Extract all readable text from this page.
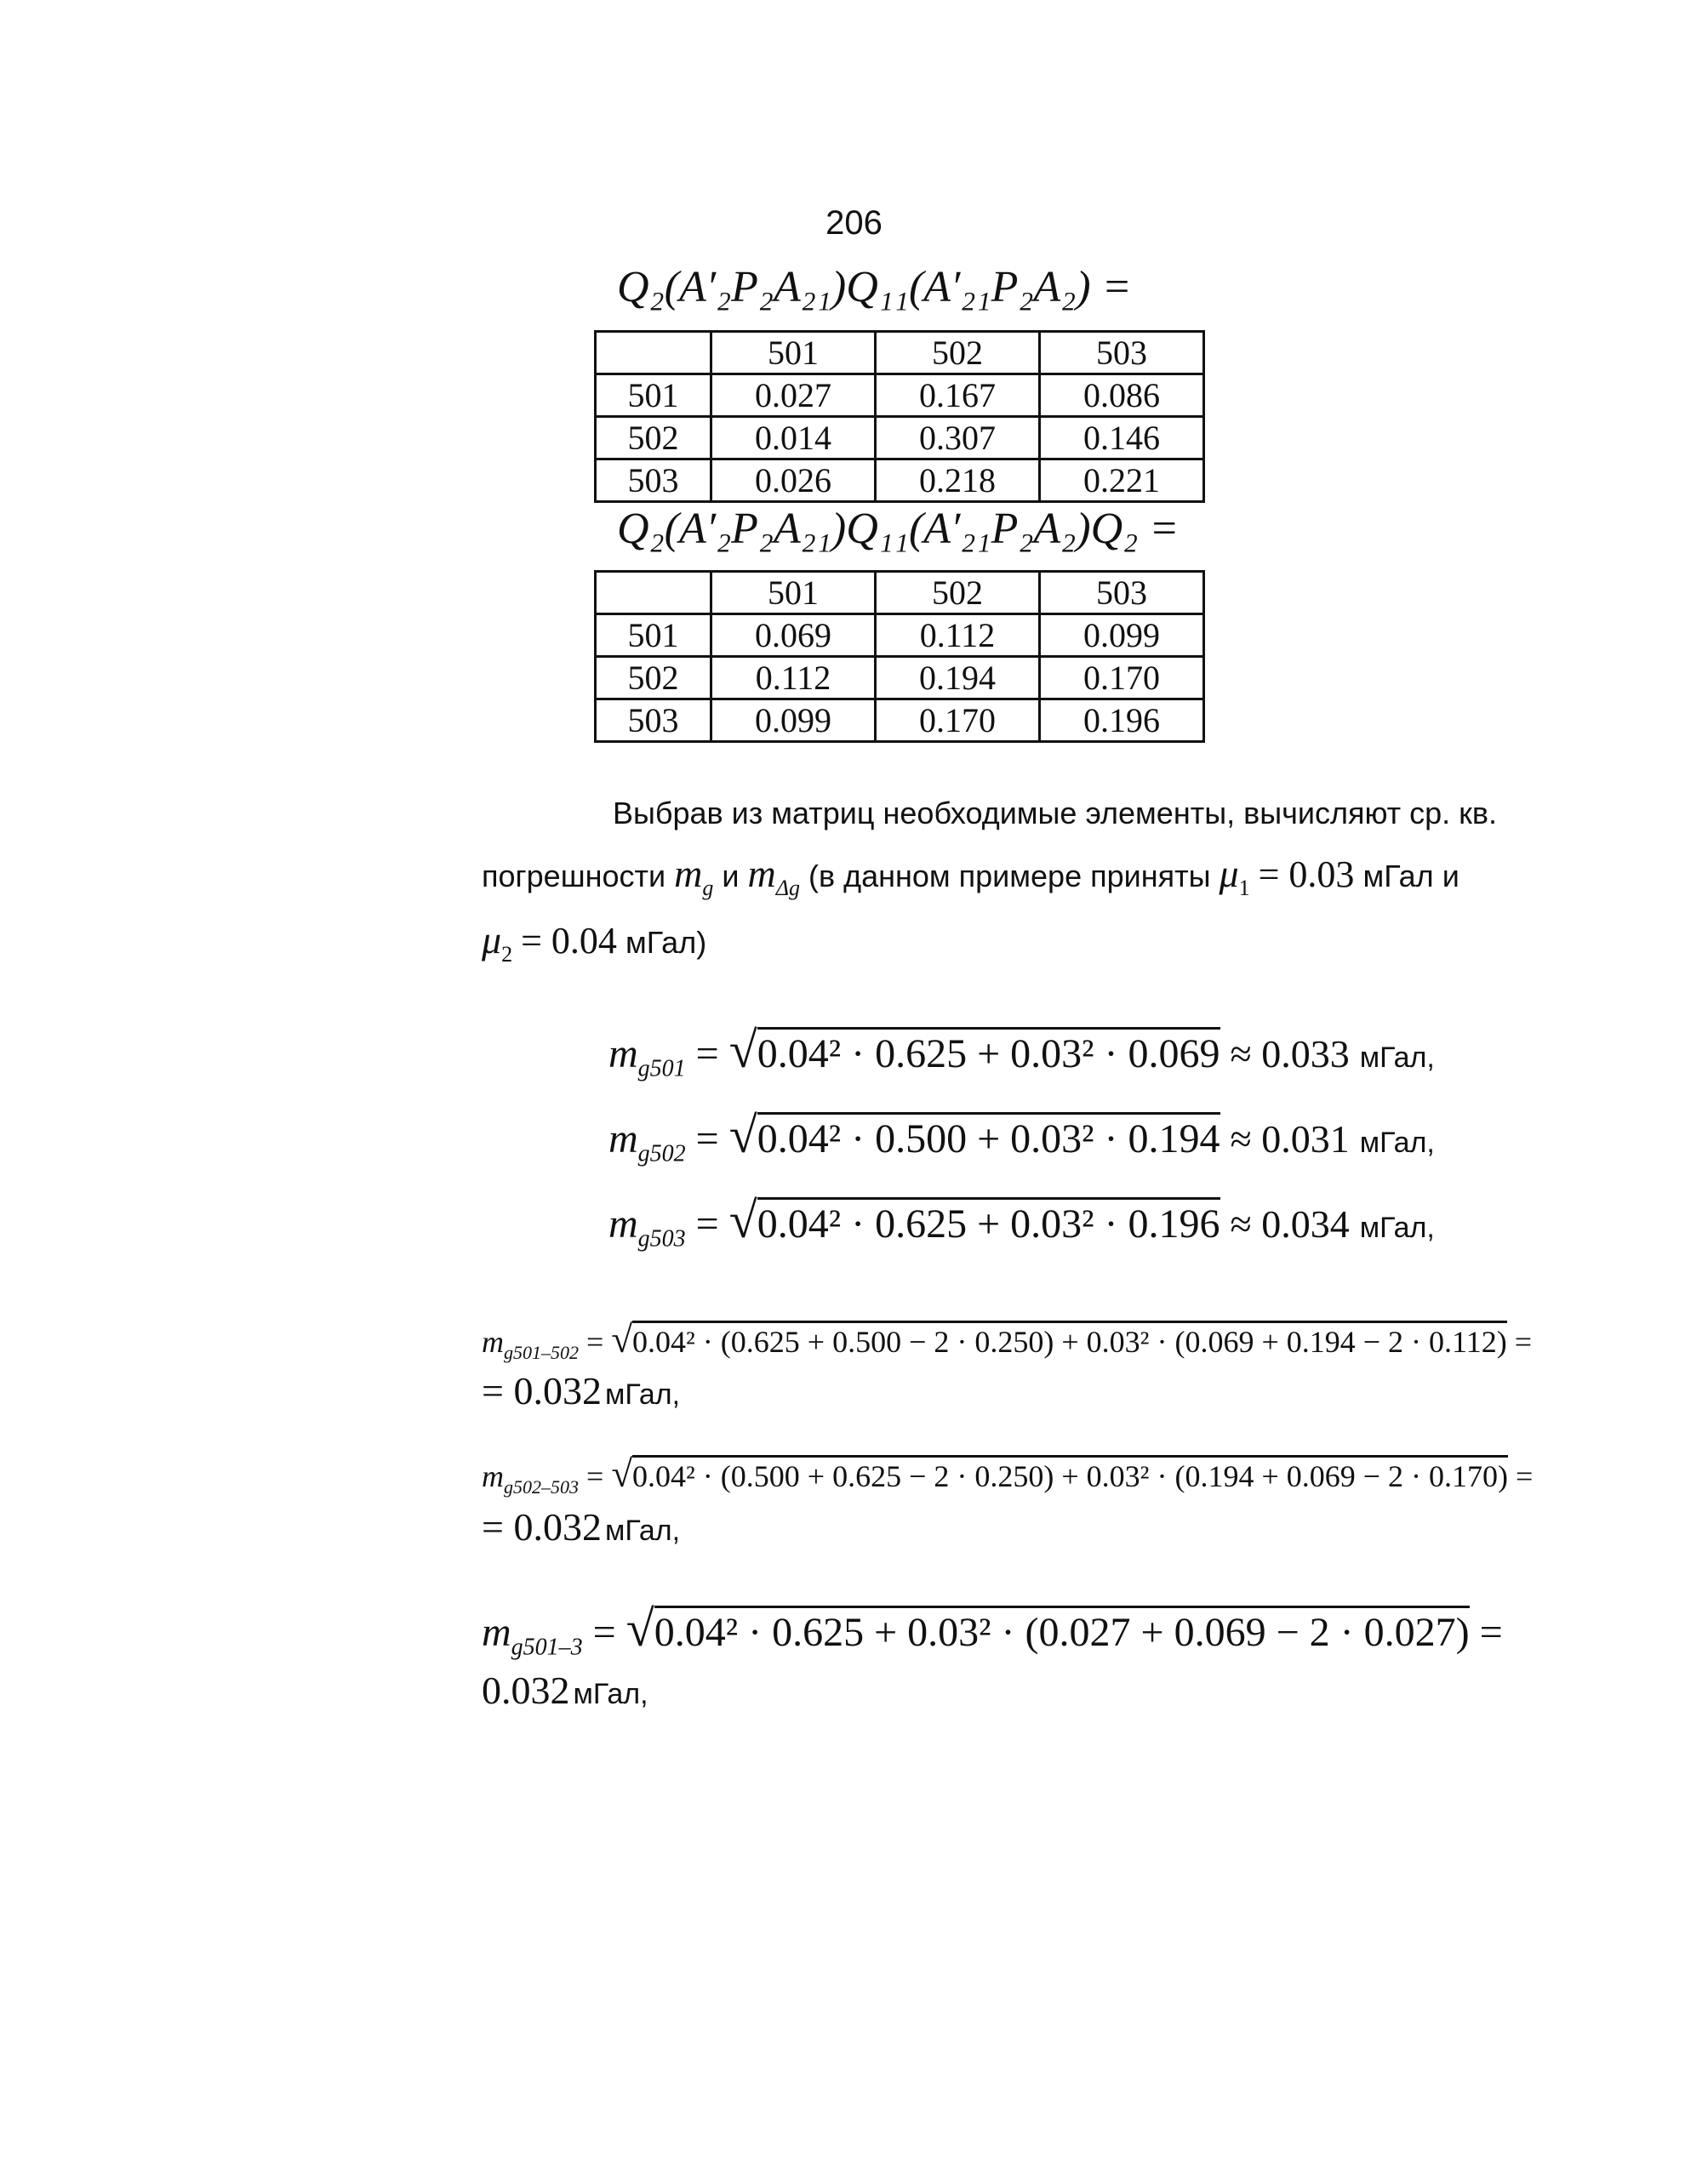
206
Q₂(A′₂P₂A₂₁)Q₁₁(A′₂₁P₂A₂) =
	501	502	503
501	0.027	0.167	0.086
502	0.014	0.307	0.146
503	0.026	0.218	0.221
Q₂(A′₂P₂A₂₁)Q₁₁(A′₂₁P₂A₂)Q₂ =
	501	502	503
501	0.069	0.112	0.099
502	0.112	0.194	0.170
503	0.099	0.170	0.196
Выбрав из матриц необходимые элементы, вычисляют ср. кв.
погрешности $m_g$ и $m_{\Delta g}$ (в данном примере приняты $\mu_1 = 0.03$ мГал и
$\mu_2 = 0.04$ мГал)
$m_{g501} = √0.04^2 \cdot 0.625 + 0.03^2 \cdot 0.069 \approx 0.033$ мГал,
$m_{g502} = √0.04^2 \cdot 0.500 + 0.03^2 \cdot 0.194 \approx 0.031$ мГал,
$m_{g503} = √0.04^2 \cdot 0.625 + 0.03^2 \cdot 0.196 \approx 0.034$ мГал,
$m_{g501-502} = √0.04^2 \cdot (0.625 + 0.500 - 2 \cdot 0.250) + 0.03^2 \cdot (0.069 + 0.194 - 2 \cdot 0.112)$ =
= 0.032 мГал,
$m_{g502-503} = √0.04^2 \cdot (0.500 + 0.625 - 2 \cdot 0.250) + 0.03^2 \cdot (0.194 + 0.069 - 2 \cdot 0.170)$ =
= 0.032 мГал,
$m_{g501-3} = √0.04^2 \cdot 0.625 + 0.03^2 \cdot (0.027 + 0.069 - 2 \cdot 0.027)$ =
0.032 мГал,
